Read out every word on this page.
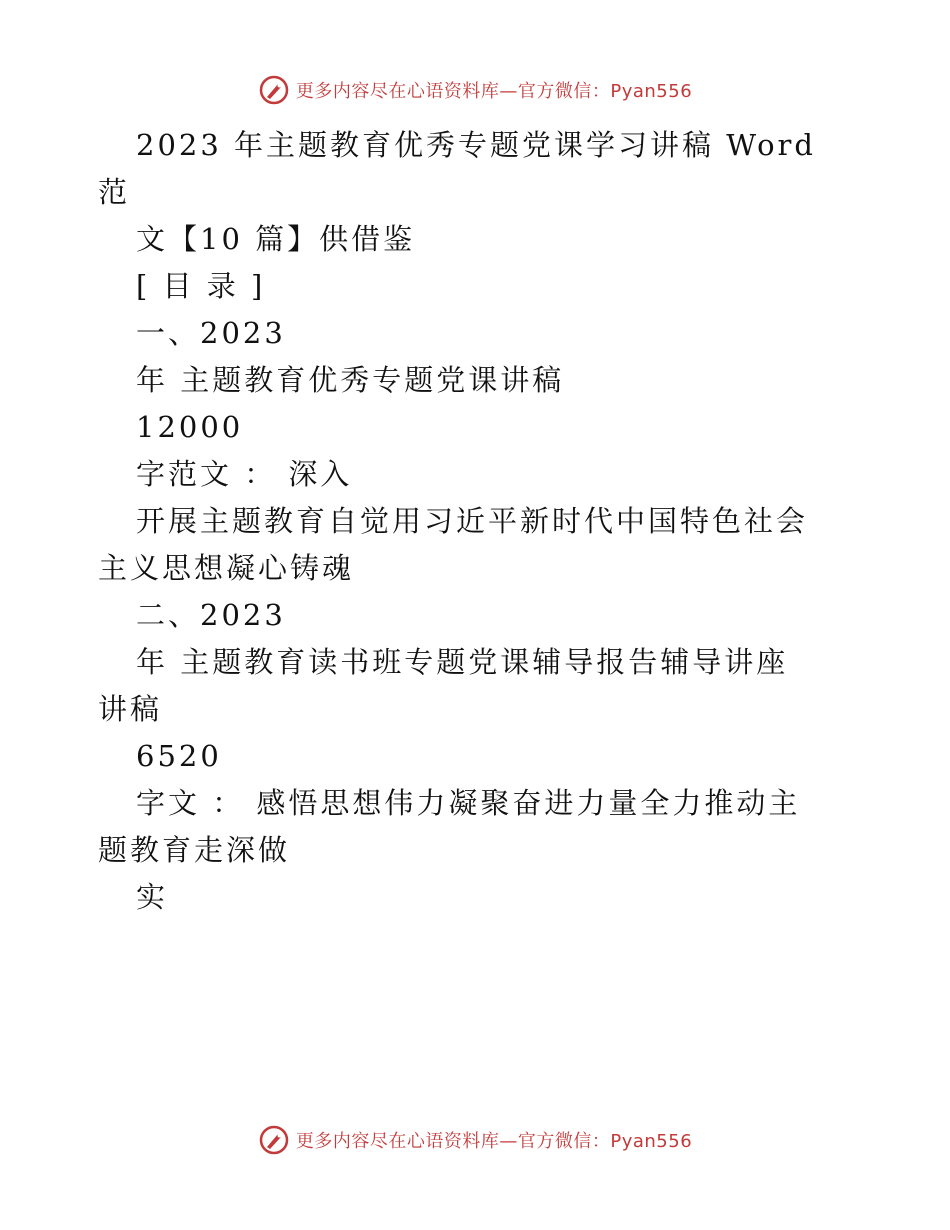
更多内容尽在心语资料库—官方微信：Pyan556
2023 年主题教育优秀专题党课学习讲稿 Word
范
文【10 篇】供借鉴
[ 目 录 ]
一、2023
年 主题教育优秀专题党课讲稿
12000
字范文 ： 深入
开展主题教育自觉用习近平新时代中国特色社会
主义思想凝心铸魂
二、2023
年 主题教育读书班专题党课辅导报告辅导讲座
讲稿
6520
字文 ： 感悟思想伟力凝聚奋进力量全力推动主
题教育走深做
实
更多内容尽在心语资料库—官方微信：Pyan556
